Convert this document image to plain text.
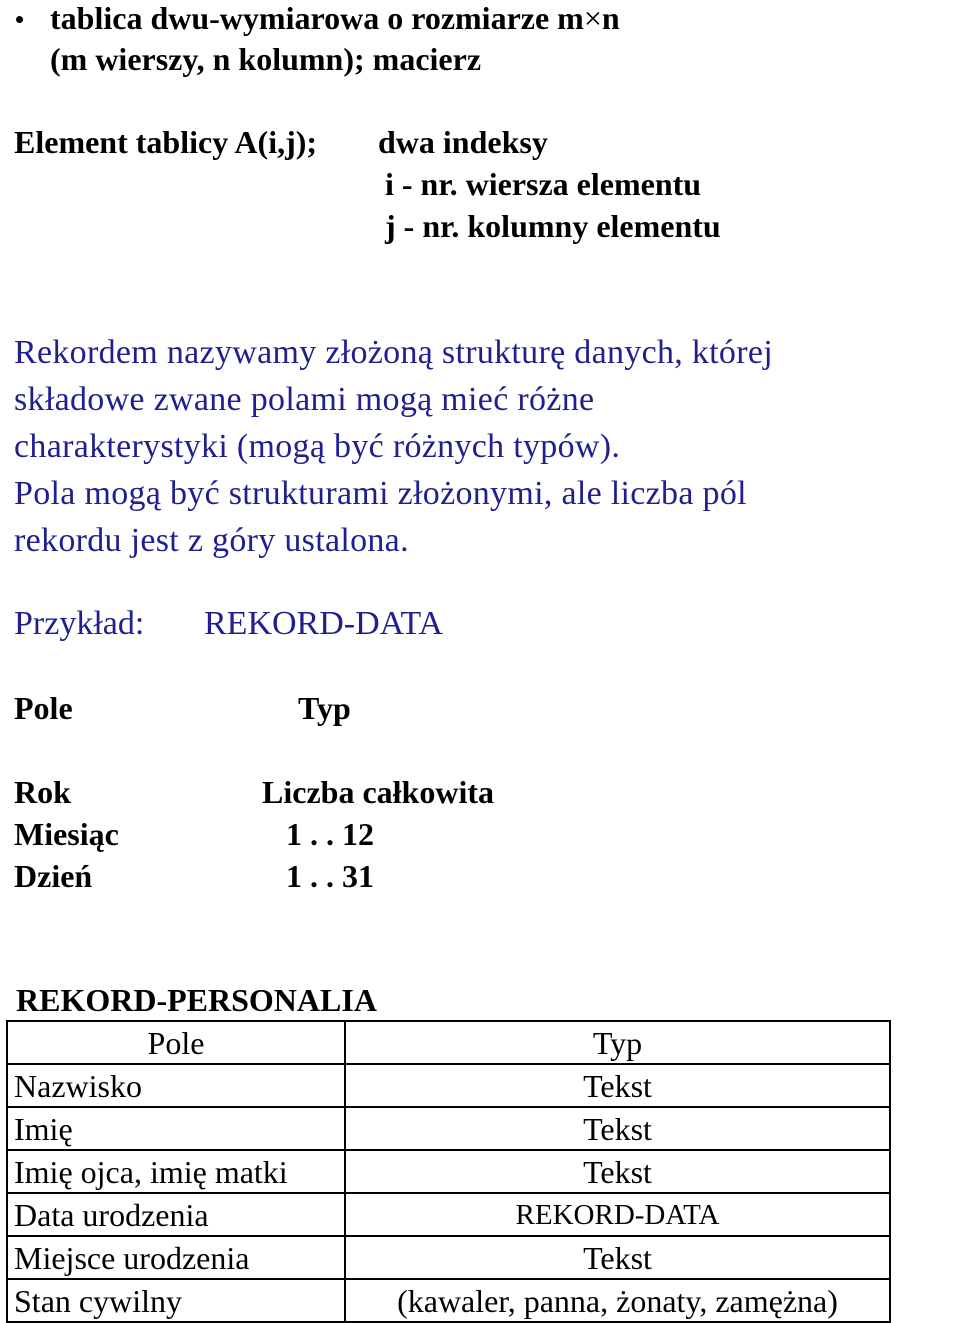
tablica dwu-wymiarowa o rozmiarze m×n
(m wierszy, n kolumn); macierz
Element tablicy A(i,j); dwa indeksy
i - nr. wiersza elementu
j - nr. kolumny elementu
Rekordem nazywamy złożoną strukturę danych, której
składowe zwane polami mogą mieć różne
charakterystyki (mogą być różnych typów).
Pola mogą być strukturami złożonymi, ale liczba pól
rekordu jest z góry ustalona.
Przykład: REKORD-DATA
Pole	Typ
Rok	Liczba całkowita
Miesiąc	1 . . 12
Dzień	1 . . 31
REKORD-PERSONALIA
Pole	Typ
Nazwisko	Tekst
Imię	Tekst
Imię ojca, imię matki	Tekst
Data urodzenia	REKORD-DATA
Miejsce urodzenia	Tekst
Stan cywilny	(kawaler, panna, żonaty, zamężna)
